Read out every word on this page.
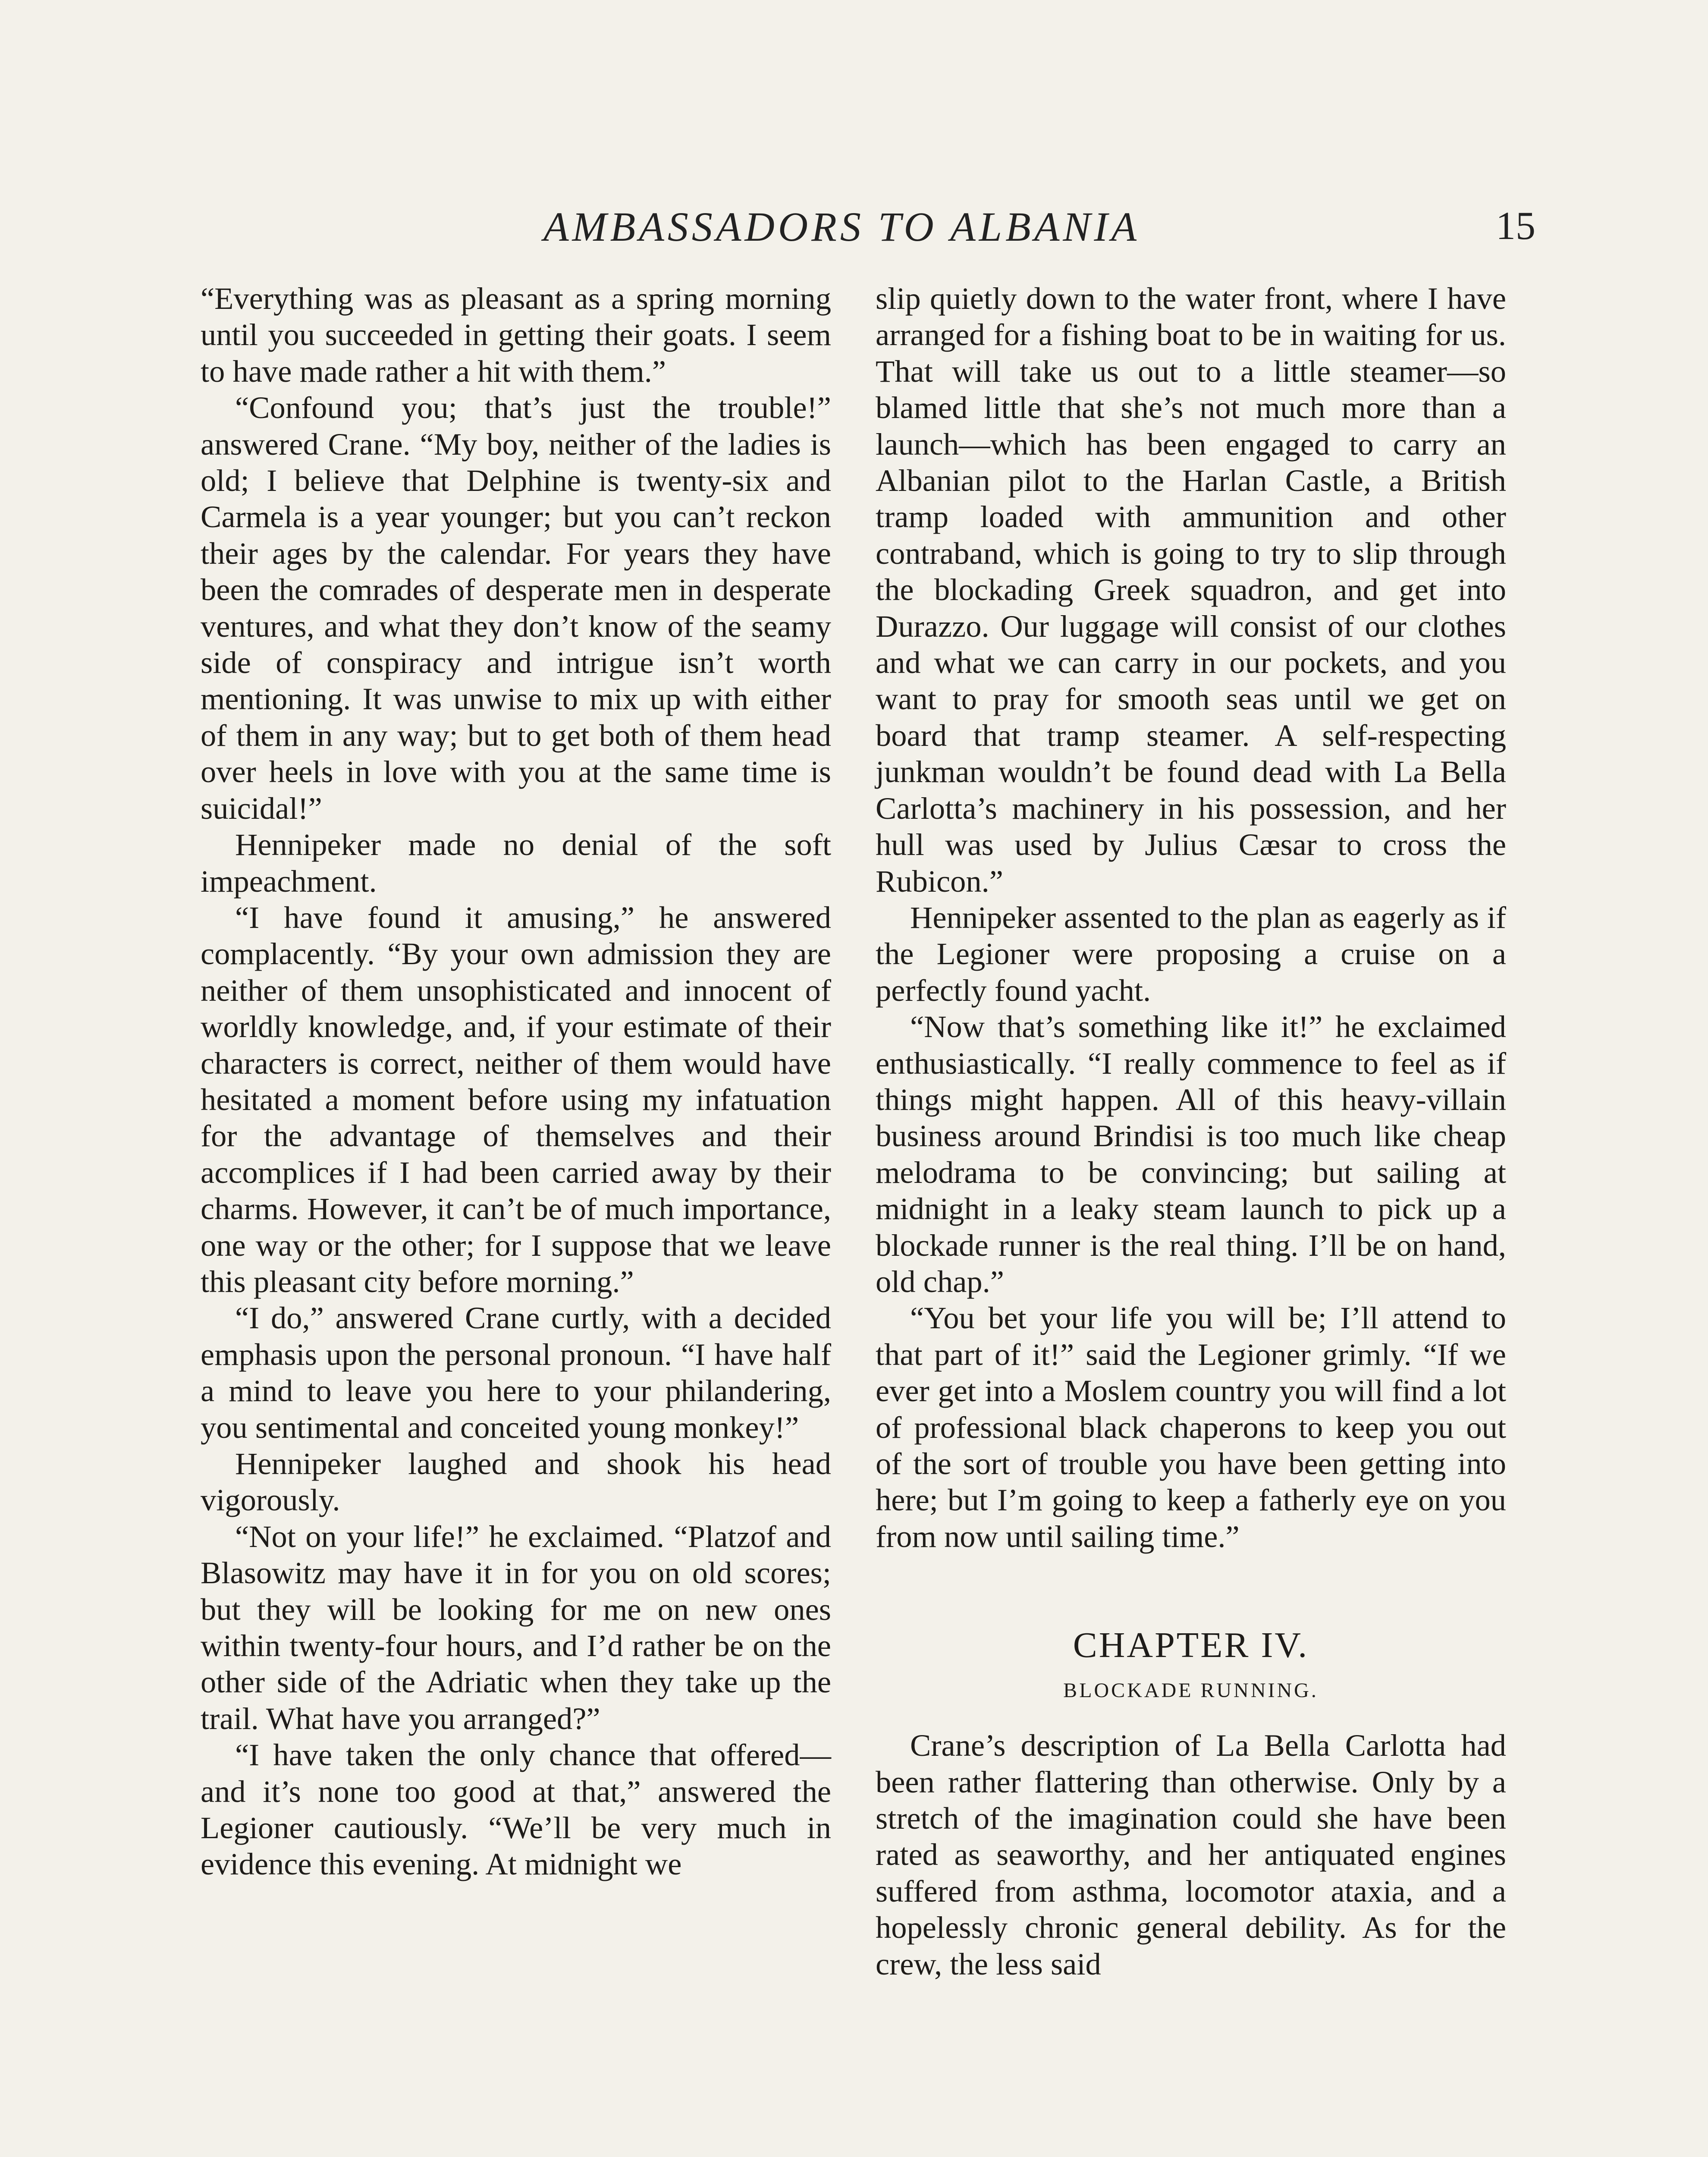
AMBASSADORS TO ALBANIA	15

“Everything was as pleasant as a spring morning until you succeeded in getting their goats. I seem to have made rather a hit with them.”

“Confound you; that’s just the trouble!” answered Crane. “My boy, neither of the ladies is old; I believe that Delphine is twenty-six and Carmela is a year younger; but you can’t reckon their ages by the calendar. For years they have been the comrades of desperate men in desperate ventures, and what they don’t know of the seamy side of conspiracy and intrigue isn’t worth mentioning. It was unwise to mix up with either of them in any way; but to get both of them head over heels in love with you at the same time is suicidal!”

Hennipeker made no denial of the soft impeachment.

“I have found it amusing,” he answered complacently. “By your own admission they are neither of them unsophisticated and innocent of worldly knowledge, and, if your estimate of their characters is correct, neither of them would have hesitated a moment before using my infatuation for the advantage of themselves and their accomplices if I had been carried away by their charms. However, it can’t be of much importance, one way or the other; for I suppose that we leave this pleasant city before morning.”

“I do,” answered Crane curtly, with a decided emphasis upon the personal pronoun. “I have half a mind to leave you here to your philandering, you sentimental and conceited young monkey!”

Hennipeker laughed and shook his head vigorously.

“Not on your life!” he exclaimed. “Platzof and Blasowitz may have it in for you on old scores; but they will be looking for me on new ones within twenty-four hours, and I’d rather be on the other side of the Adriatic when they take up the trail. What have you arranged?”

“I have taken the only chance that offered—and it’s none too good at that,” answered the Legioner cautiously. “We’ll be very much in evidence this evening. At midnight we

slip quietly down to the water front, where I have arranged for a fishing boat to be in waiting for us. That will take us out to a little steamer—so blamed little that she’s not much more than a launch—which has been engaged to carry an Albanian pilot to the Harlan Castle, a British tramp loaded with ammunition and other contraband, which is going to try to slip through the blockading Greek squadron, and get into Durazzo. Our luggage will consist of our clothes and what we can carry in our pockets, and you want to pray for smooth seas until we get on board that tramp steamer. A self-respecting junkman wouldn’t be found dead with La Bella Carlotta’s machinery in his possession, and her hull was used by Julius Cæsar to cross the Rubicon.”

Hennipeker assented to the plan as eagerly as if the Legioner were proposing a cruise on a perfectly found yacht.

“Now that’s something like it!” he exclaimed enthusiastically. “I really commence to feel as if things might happen. All of this heavy-villain business around Brindisi is too much like cheap melodrama to be convincing; but sailing at midnight in a leaky steam launch to pick up a blockade runner is the real thing. I’ll be on hand, old chap.”

“You bet your life you will be; I’ll attend to that part of it!” said the Legioner grimly. “If we ever get into a Moslem country you will find a lot of professional black chaperons to keep you out of the sort of trouble you have been getting into here; but I’m going to keep a fatherly eye on you from now until sailing time.”

CHAPTER IV.
BLOCKADE RUNNING.

Crane’s description of La Bella Carlotta had been rather flattering than otherwise. Only by a stretch of the imagination could she have been rated as seaworthy, and her antiquated engines suffered from asthma, locomotor ataxia, and a hopelessly chronic general debility. As for the crew, the less said
